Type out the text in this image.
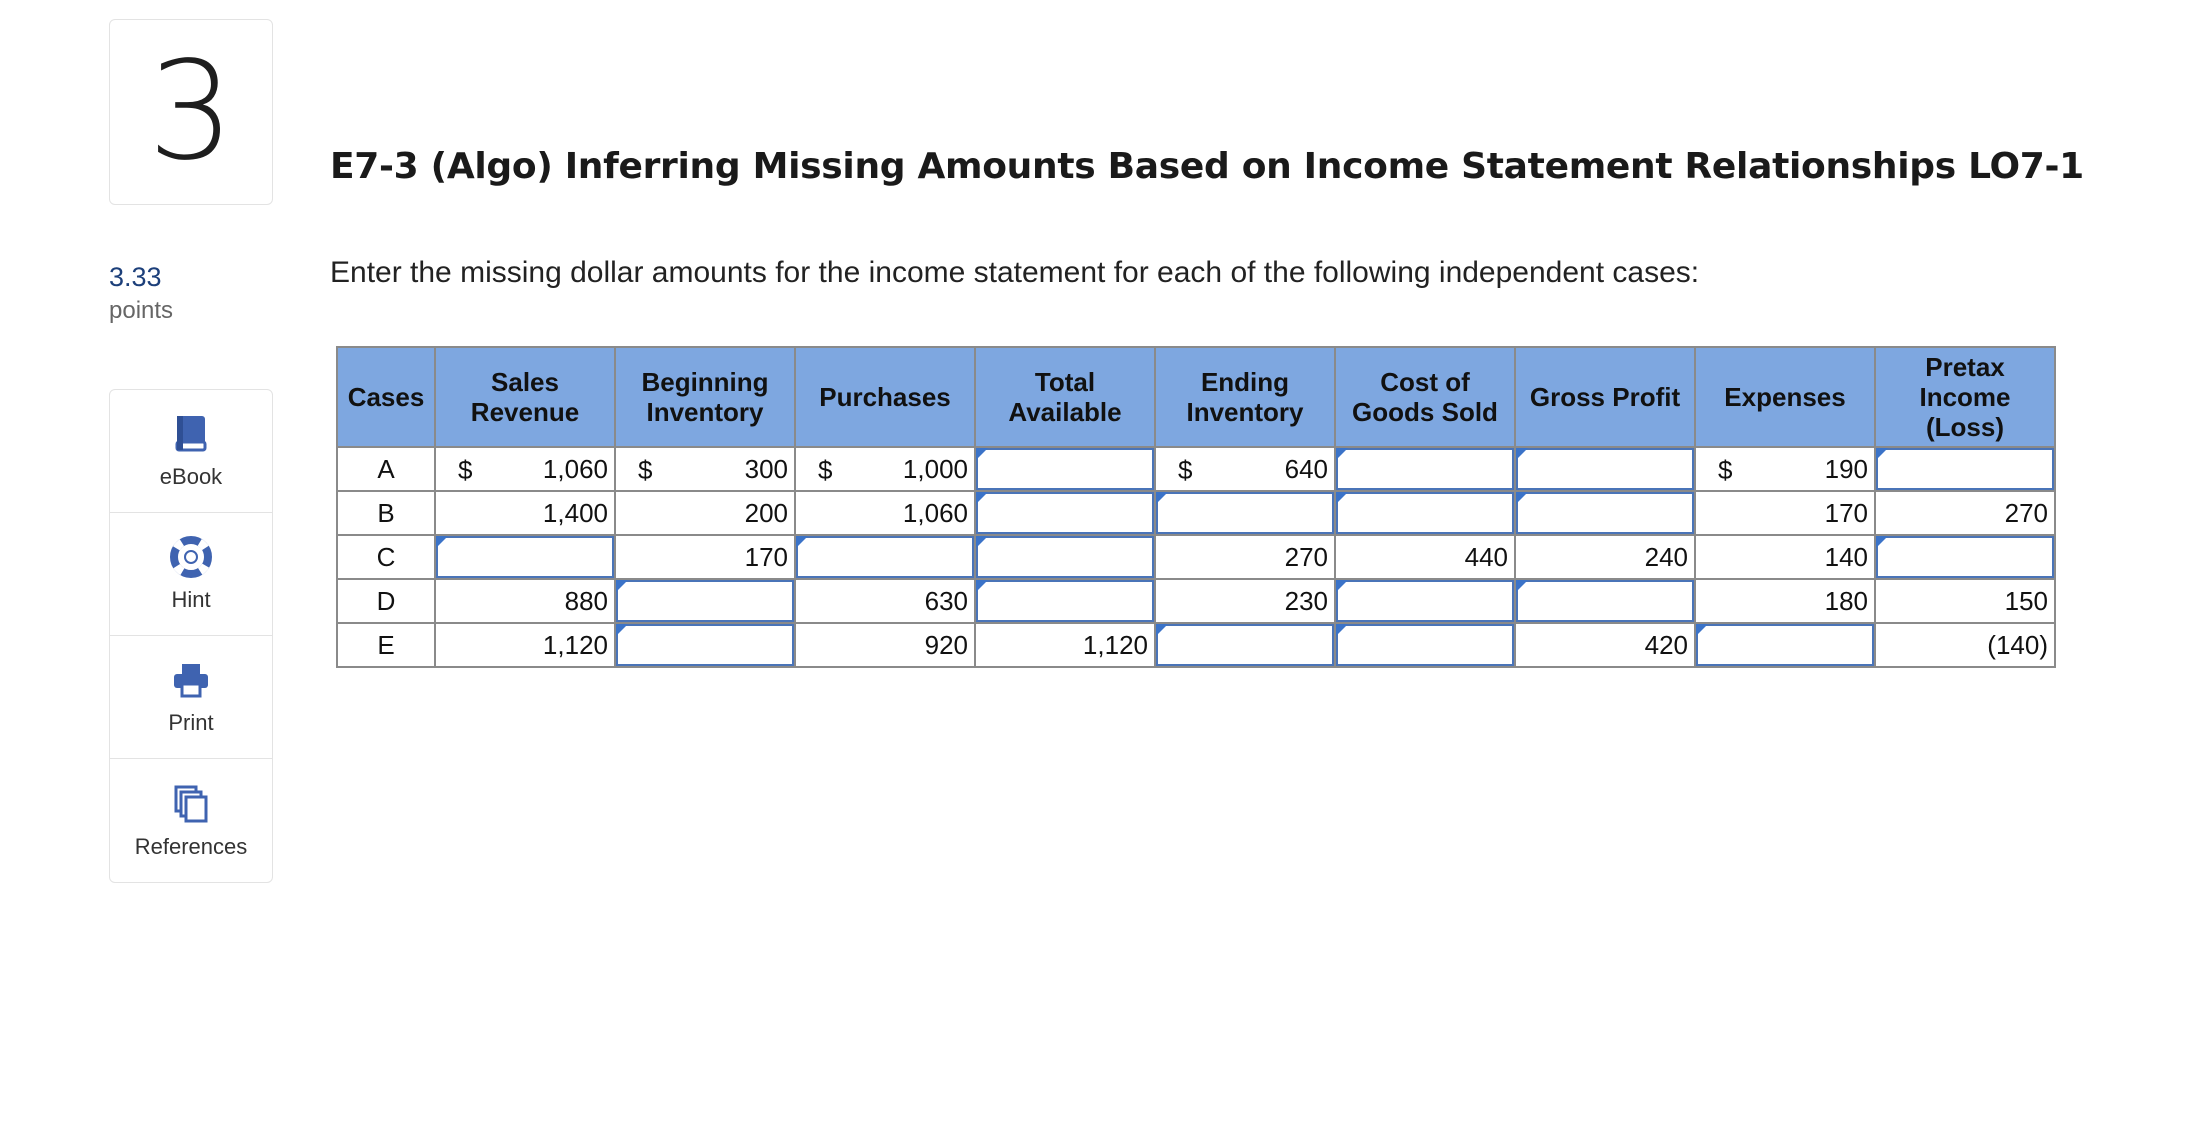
3	E7-3 (Algo) Inferring Missing Amounts Based on Income Statement Relationships LO7-1
3.33
points
Enter the missing dollar amounts for the income statement for each of the following independent cases:
eBook
Hint
Print
References
Cases	Sales Revenue	Beginning Inventory	Purchases	Total Available	Ending Inventory	Cost of Goods Sold	Gross Profit	Expenses	Pretax Income (Loss)
A	$ 1,060	$ 300	$ 1,000		$ 640			$ 190	

B	1,400	200	1,060					170	270
C		170			270	440	240	140	

D	880		630		230			180	150
E	1,120		920	1,120			420		(140)
